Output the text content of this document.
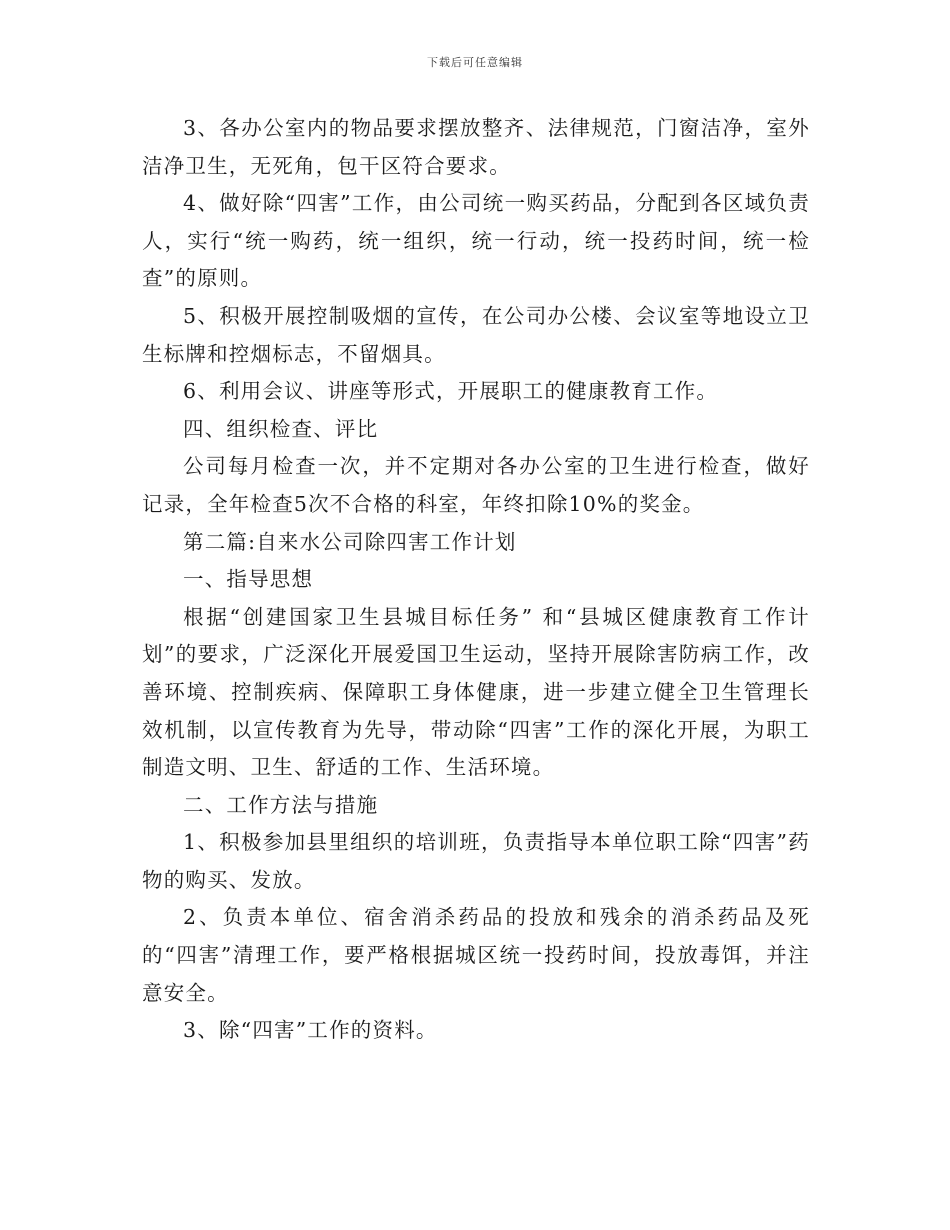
下载后可任意编辑

3、各办公室内的物品要求摆放整齐、法律规范，门窗洁净，室外洁净卫生，无死角，包干区符合要求。

4、做好除“四害”工作，由公司统一购买药品，分配到各区域负责人，实行“统一购药，统一组织，统一行动，统一投药时间，统一检查”的原则。

5、积极开展控制吸烟的宣传，在公司办公楼、会议室等地设立卫生标牌和控烟标志，不留烟具。

6、利用会议、讲座等形式，开展职工的健康教育工作。

四、组织检查、评比

公司每月检查一次，并不定期对各办公室的卫生进行检查，做好记录，全年检查5次不合格的科室，年终扣除10%的奖金。

第二篇:自来水公司除四害工作计划

一、指导思想

根据“创建国家卫生县城目标任务” 和“县城区健康教育工作计划”的要求，广泛深化开展爱国卫生运动，坚持开展除害防病工作，改善环境、控制疾病、保障职工身体健康，进一步建立健全卫生管理长效机制，以宣传教育为先导，带动除“四害”工作的深化开展，为职工制造文明、卫生、舒适的工作、生活环境。

二、工作方法与措施

1、积极参加县里组织的培训班，负责指导本单位职工除“四害”药物的购买、发放。

2、负责本单位、宿舍消杀药品的投放和残余的消杀药品及死的“四害”清理工作，要严格根据城区统一投药时间，投放毒饵，并注意安全。

3、除“四害”工作的资料。
